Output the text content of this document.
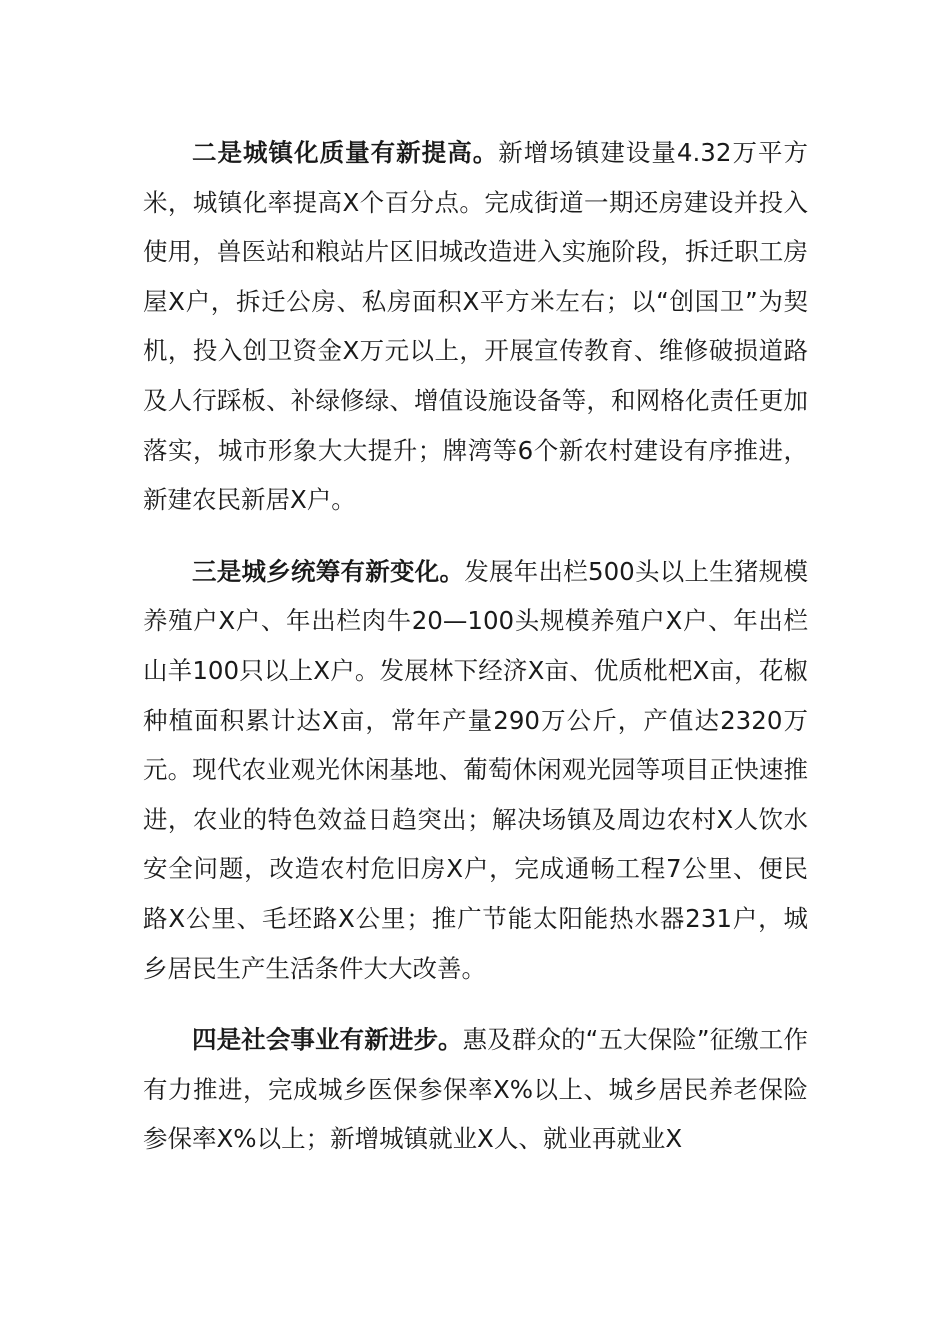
二是城镇化质量有新提高。新增场镇建设量4.32万平方米，城镇化率提高X个百分点。完成街道一期还房建设并投入使用，兽医站和粮站片区旧城改造进入实施阶段，拆迁职工房屋X户，拆迁公房、私房面积X平方米左右；以“创国卫”为契机，投入创卫资金X万元以上，开展宣传教育、维修破损道路及人行踩板、补绿修绿、增值设施设备等，和网格化责任更加落实，城市形象大大提升；牌湾等6个新农村建设有序推进，新建农民新居X户。

三是城乡统筹有新变化。发展年出栏500头以上生猪规模养殖户X户、年出栏肉牛20—100头规模养殖户X户、年出栏山羊100只以上X户。发展林下经济X亩、优质枇杷X亩，花椒种植面积累计达X亩，常年产量290万公斤，产值达2320万元。现代农业观光休闲基地、葡萄休闲观光园等项目正快速推进，农业的特色效益日趋突出；解决场镇及周边农村X人饮水安全问题，改造农村危旧房X户，完成通畅工程7公里、便民路X公里、毛坯路X公里；推广节能太阳能热水器231户，城乡居民生产生活条件大大改善。

四是社会事业有新进步。惠及群众的“五大保险”征缴工作有力推进，完成城乡医保参保率X%以上、城乡居民养老保险参保率X%以上；新增城镇就业X人、就业再就业X
